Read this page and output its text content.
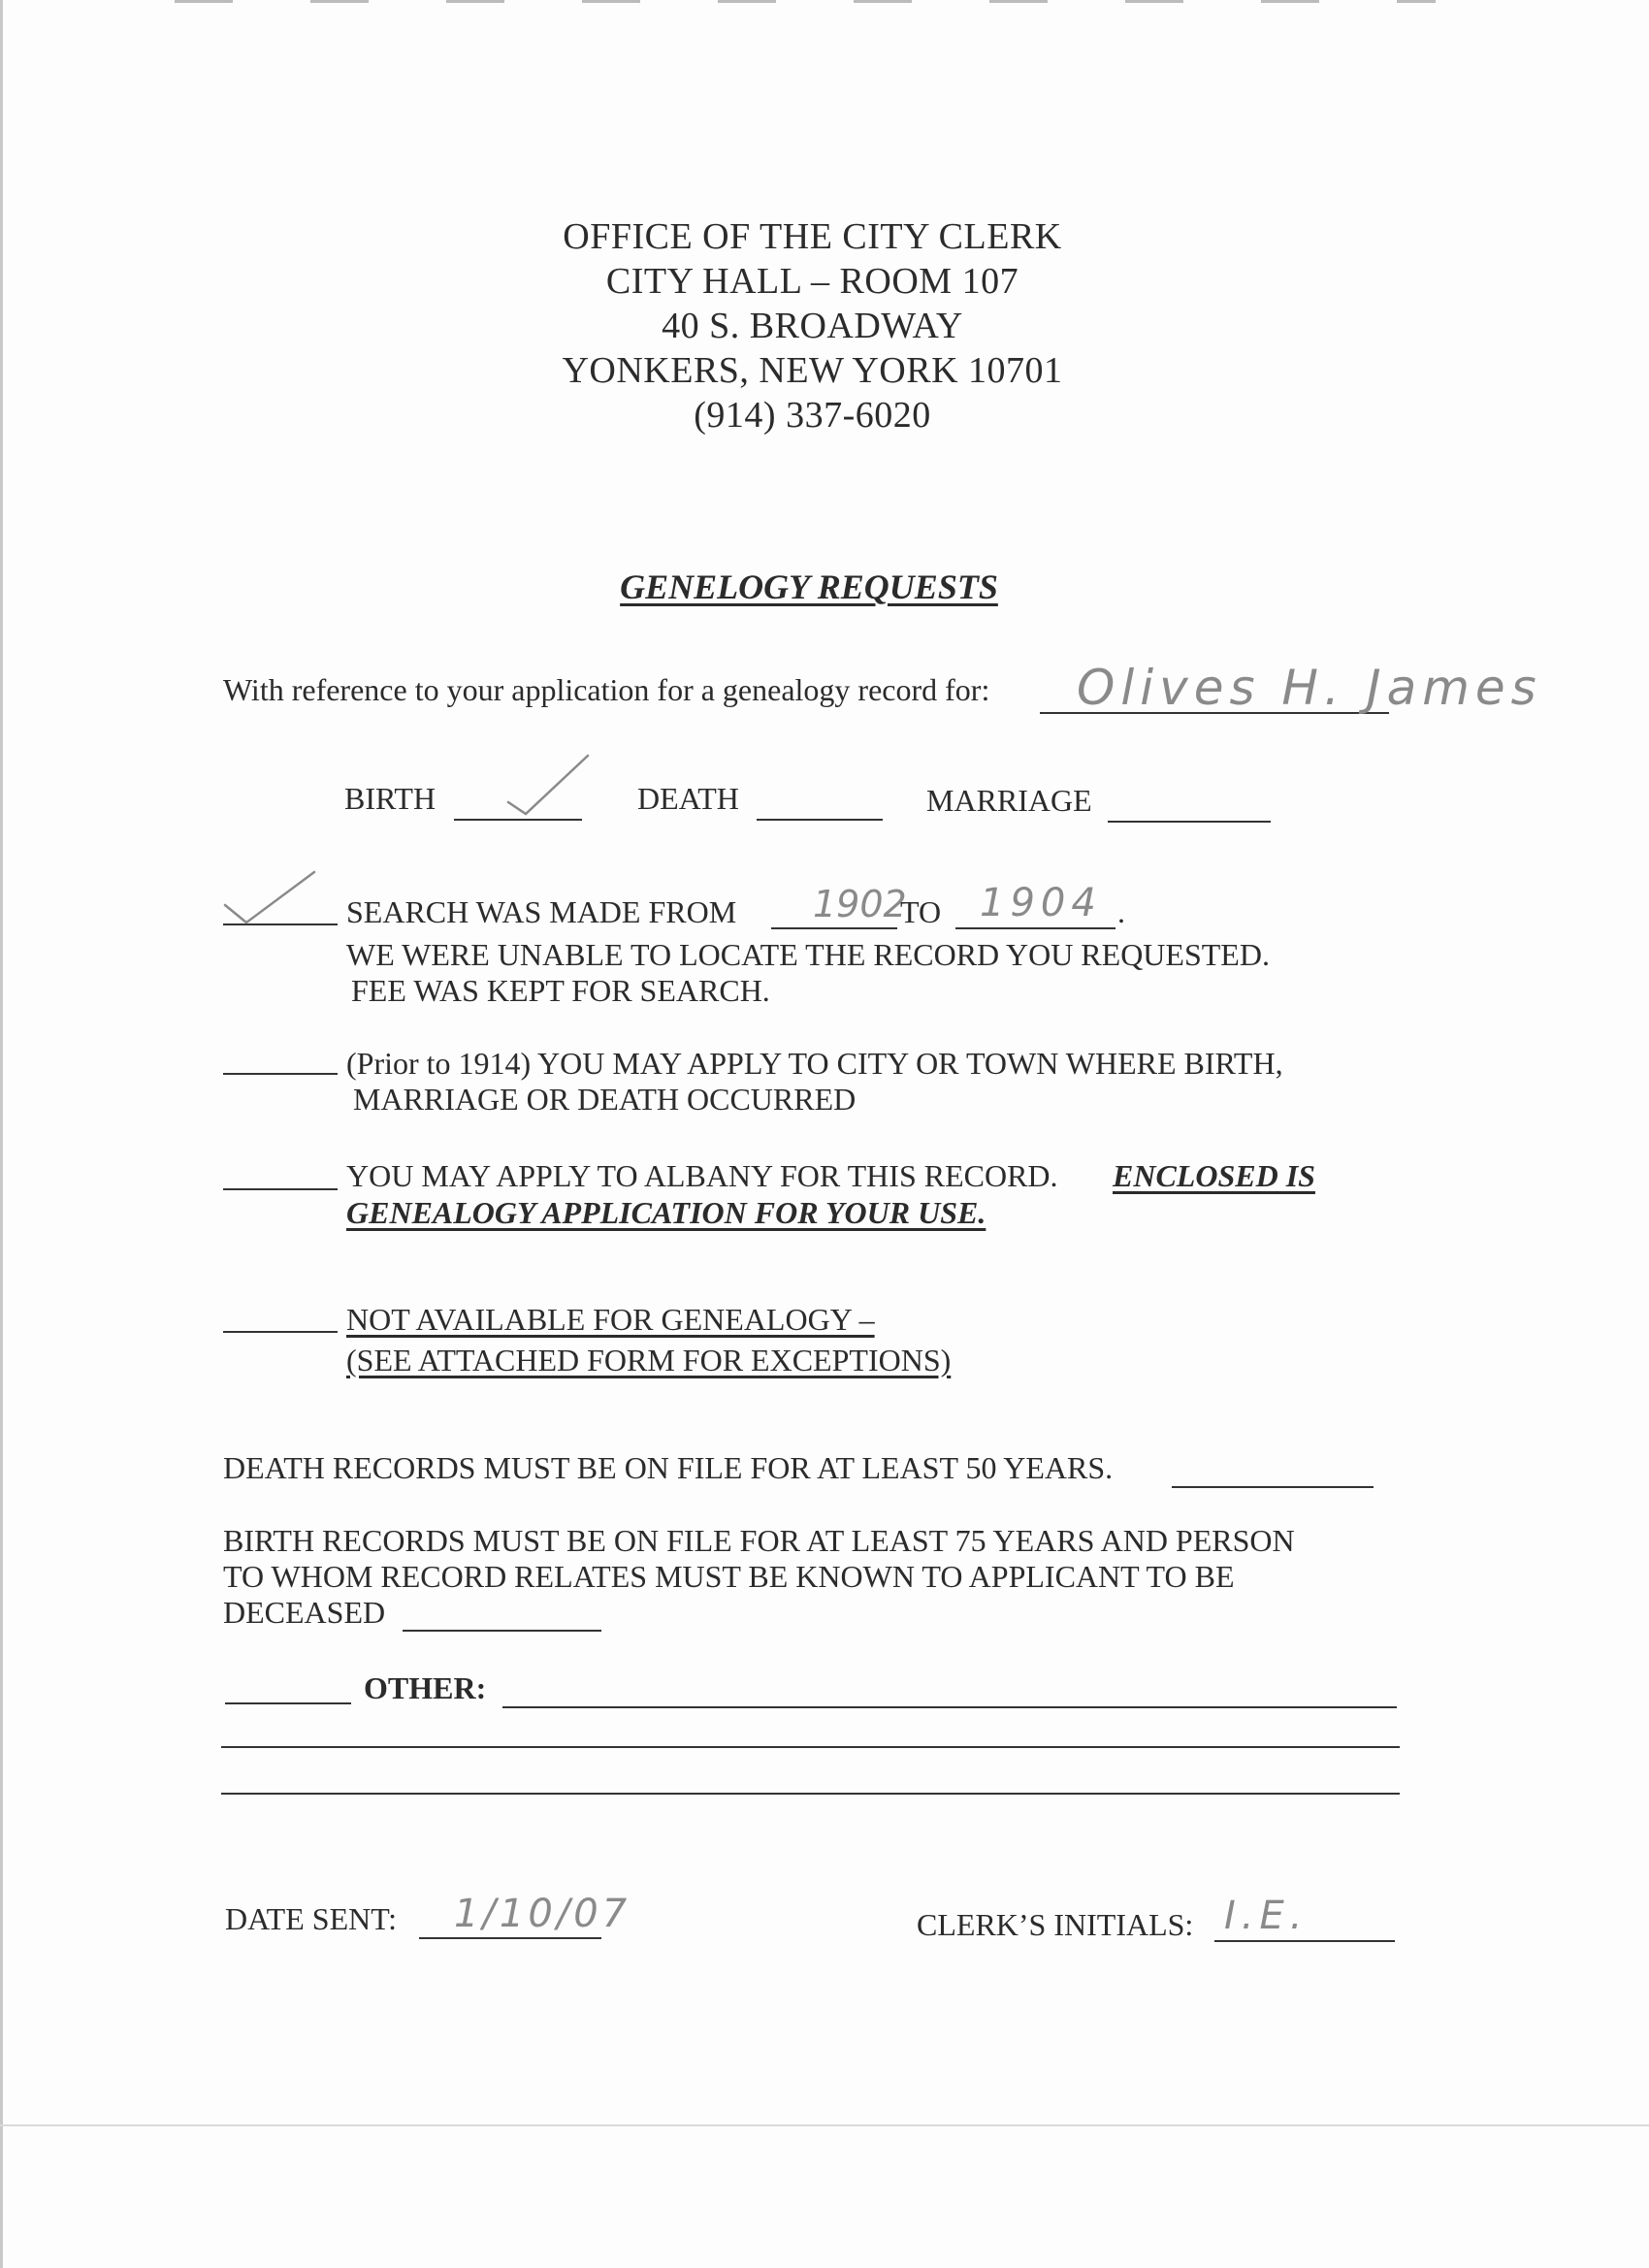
OFFICE OF THE CITY CLERK
CITY HALL – ROOM 107
40 S. BROADWAY
YONKERS, NEW YORK 10701
(914) 337-6020
GENELOGY REQUESTS
With reference to your application for a genealogy record for: Olives H. James
BIRTH	DEATH	MARRIAGE
SEARCH WAS MADE FROM 1902
TO 1904 .
WE WERE UNABLE TO LOCATE THE RECORD YOU REQUESTED.
FEE WAS KEPT FOR SEARCH.
(Prior to 1914) YOU MAY APPLY TO CITY OR TOWN WHERE BIRTH,
MARRIAGE OR DEATH OCCURRED
YOU MAY APPLY TO ALBANY FOR THIS RECORD. ENCLOSED IS
GENEALOGY APPLICATION FOR YOUR USE.
NOT AVAILABLE FOR GENEALOGY –
(SEE ATTACHED FORM FOR EXCEPTIONS)
DEATH RECORDS MUST BE ON FILE FOR AT LEAST 50 YEARS.
BIRTH RECORDS MUST BE ON FILE FOR AT LEAST 75 YEARS AND PERSON
TO WHOM RECORD RELATES MUST BE KNOWN TO APPLICANT TO BE
DECEASED
OTHER:
DATE SENT: 1/10/07	CLERK’S INITIALS: I.E.
